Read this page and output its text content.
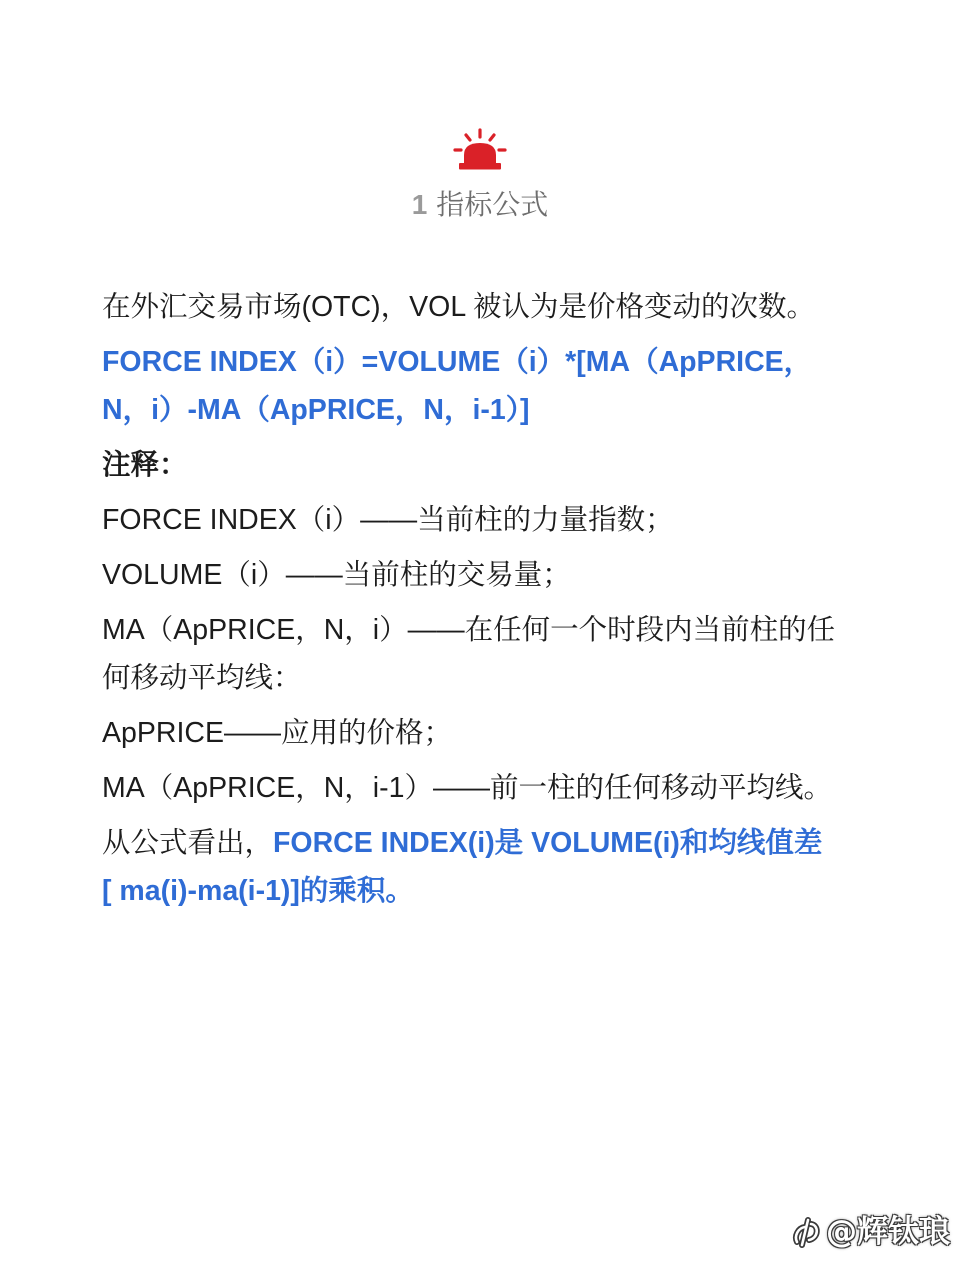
1 指标公式

在外汇交易市场(OTC)，VOL 被认为是价格变动的次数。

FORCE INDEX（i）=VOLUME（i）*[MA（ApPRICE，
N，i）-MA（ApPRICE，N，i-1）]

注释：

FORCE INDEX（i）——当前柱的力量指数；

VOLUME（i）——当前柱的交易量；

MA（ApPRICE，N，i）——在任何一个时段内当前柱的任
何移动平均线：

ApPRICE——应用的价格；

MA（ApPRICE，N，i-1）——前一柱的任何移动平均线。

从公式看出，FORCE INDEX(i)是 VOLUME(i)和均线值差
[ ma(i)-ma(i-1)]的乘积。

@辉钛琅
